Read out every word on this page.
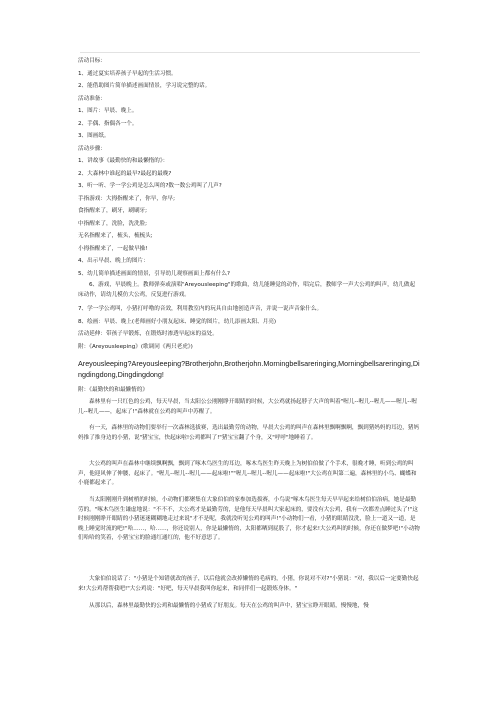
活动目标：
1、通过夏实培养孩子早起的生活习惯。
2、能借助图片简单描述画面情景，学习说完整的话。
活动准备：
1、图片：早晨、晚上。
2、手偶、指偶各一个。
3、图画纸。
活动步骤：
1、讲故事《最勤快的和最懒惰的》：
2、大森林中谁起的最早?最起的最晚?
3、听一听、学一学公鸡是怎么叫的?数一数公鸡叫了几声?
手指游戏：大拇指醒来了，你早，你早;
食指醒来了，刷牙，刷刷牙;
中指醒来了，洗脸，洗洗脸;
无名指醒来了，梳头，梳梳头;
小拇指醒来了，一起做早操!
4、出示早晨、晚上的图片：
5、幼儿简单描述画面的情景，引导幼儿观察画面上都有什么?
6、游戏，早晨晚上。教师弹奏或演唱"Areyousleeping"的歌曲，幼儿能睡觉的动作，唱完后，教师学一声大公鸡的叫声，幼儿做起床动作，请幼儿模仿大公鸡，反复进行游戏。
7、学一学公鸡叫，小猪打呼噜的音效，利用教室内的玩具自由地创造声音，并说一说声音象什么。
8、绘画：早晨、晚上(老师画好小朋友起床、睡觉的图片，幼儿添画太阳、月亮)
活动延伸：带孩子早锻炼，在锻炼时渗透早起床的益处。
附：《Areyousleeping》(歌调同《两只老虎》)
Areyousleeping?Areyousleeping?Brotherjohn,Brotherjohn.Morningbellsareringing,Morningbellsareringing,Dingdingdong,Dingdingdong!
附：《最勤快的和最懒惰的》
森林里有一只红色的公鸡，每天早晨，当太阳公公刚刚睁开眼睛的时候，大公鸡就扬起脖子大声的叫着"喔儿--喔儿--喔儿——喔儿--喔儿--喔儿——，起床了!"森林就在公鸡的叫声中苏醒了。
有一天，森林里的动物们要举行一次森林选拔赛，选出最勤劳的动物，早晨大公鸡的叫声在森林里飘啊飘啊，飘到猪妈妈的耳边，猪妈妈推了推身边的小猪，说"猪宝宝，快起床啦!公鸡都叫了!"猪宝宝翻了个身，又"呼呼"地睡着了。
大公鸡的叫声在森林中继续飘啊飘，飘到了啄木鸟医生的耳边，啄木鸟医生昨天晚上为树伯伯做了个手术，很晚才睡，听到公鸡的叫声，他迎风伸了伸腰，起床了。"喔儿--喔儿--喔儿——起床啦!""喔儿--喔儿--喔儿——起床啦!"大公鸡在叫第二遍，森林里的小鸟、蝴蝶和小鹿都起来了。
当太阳刚刚升到树梢的时候，小动物们都聚集在大象伯伯的家参加选拔赛，小鸟说"啄木鸟医生每天早早起来给树伯伯治病，她是最勤劳的。"啄木鸟医生谦虚地说："不不不，大公鸡才是最勤劳的，是他每天早晨叫大家起床的，要没有大公鸡，我有一次都差点睡过头了!"这时候刚刚睁开眼睛的小猪迷迷糊糊地走过来说"才不是呢，我就没听见公鸡的叫声!"小动物们一看，小猪的眼睛没洗，脸上一道又一道，是晚上睡觉时流的吧!"哈……，哈……，你还说别人，你是最懒惰的，太阳都晒到屁股了，你才起来!大公鸡叫的时候，你还在做梦吧!"小动物们哈哈的笑着，小猪宝宝的脸通红通红的，他不好意思了。
大象伯伯说话了："小猪是个知错就改的孩子，以后他就会改掉懒惰的毛病的，小猪，你说对不对?"小猪说："对，我以后一定要勤快起来!大公鸡帮帮我吧!"大公鸡说："好吧，每天早晨我叫你起来，和同伴们一起锻炼身体。"
从那以后，森林里最勤快的公鸡和最懒惰的小猪成了好朋友。每天在公鸡的叫声中，猪宝宝睁开眼睛，慢慢地，慢
